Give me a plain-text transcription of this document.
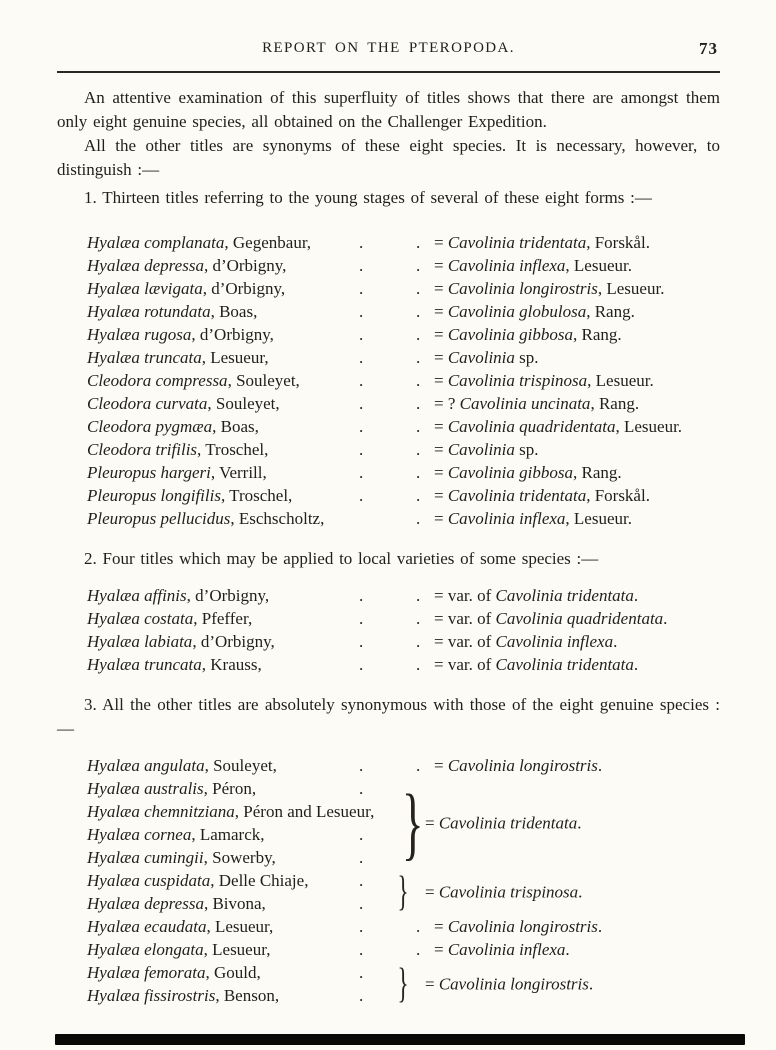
REPORT ON THE PTEROPODA.	73

An attentive examination of this superfluity of titles shows that there are amongst them only eight genuine species, all obtained on the Challenger Expedition.

All the other titles are synonyms of these eight species. It is necessary, however, to distinguish :—

1. Thirteen titles referring to the young stages of several of these eight forms :—

Hyalæa complanata, Gegenbaur,	.	. = Cavolinia tridentata, Forskål.
Hyalæa depressa, d’Orbigny,	.	. = Cavolinia inflexa, Lesueur.
Hyalæa lævigata, d’Orbigny,	.	. = Cavolinia longirostris, Lesueur.
Hyalæa rotundata, Boas,	.	. = Cavolinia globulosa, Rang.
Hyalæa rugosa, d’Orbigny,	.	. = Cavolinia gibbosa, Rang.
Hyalæa truncata, Lesueur,	.	. = Cavolinia sp.
Cleodora compressa, Souleyet,	.	. = Cavolinia trispinosa, Lesueur.
Cleodora curvata, Souleyet,	.	. = ? Cavolinia uncinata, Rang.
Cleodora pygmæa, Boas,	.	. = Cavolinia quadridentata, Lesueur.
Cleodora trifilis, Troschel,	.	. = Cavolinia sp.
Pleuropus hargeri, Verrill,	.	. = Cavolinia gibbosa, Rang.
Pleuropus longifilis, Troschel,	.	. = Cavolinia tridentata, Forskål.
Pleuropus pellucidus, Eschscholtz,	. = Cavolinia inflexa, Lesueur.

2. Four titles which may be applied to local varieties of some species :—

Hyalæa affinis, d’Orbigny,	.	. = var. of Cavolinia tridentata.
Hyalæa costata, Pfeffer,	.	. = var. of Cavolinia quadridentata.
Hyalæa labiata, d’Orbigny,	.	. = var. of Cavolinia inflexa.
Hyalæa truncata, Krauss,	.	. = var. of Cavolinia tridentata.

3. All the other titles are absolutely synonymous with those of the eight genuine species :—

Hyalæa angulata, Souleyet,	.	. = Cavolinia longirostris.
Hyalæa australis, Péron,	.
Hyalæa chemnitziana, Péron and Lesueur,
Hyalæa cornea, Lamarck,	.
Hyalæa cumingii, Sowerby,	. } = Cavolinia tridentata.
Hyalæa cuspidata, Delle Chiaje,	.
Hyalæa depressa, Bivona,	. } = Cavolinia trispinosa.
Hyalæa ecaudata, Lesueur,	.	. = Cavolinia longirostris.
Hyalæa elongata, Lesueur,	.	. = Cavolinia inflexa.
Hyalæa femorata, Gould,	.
Hyalæa fissirostris, Benson,	. } = Cavolinia longirostris.
